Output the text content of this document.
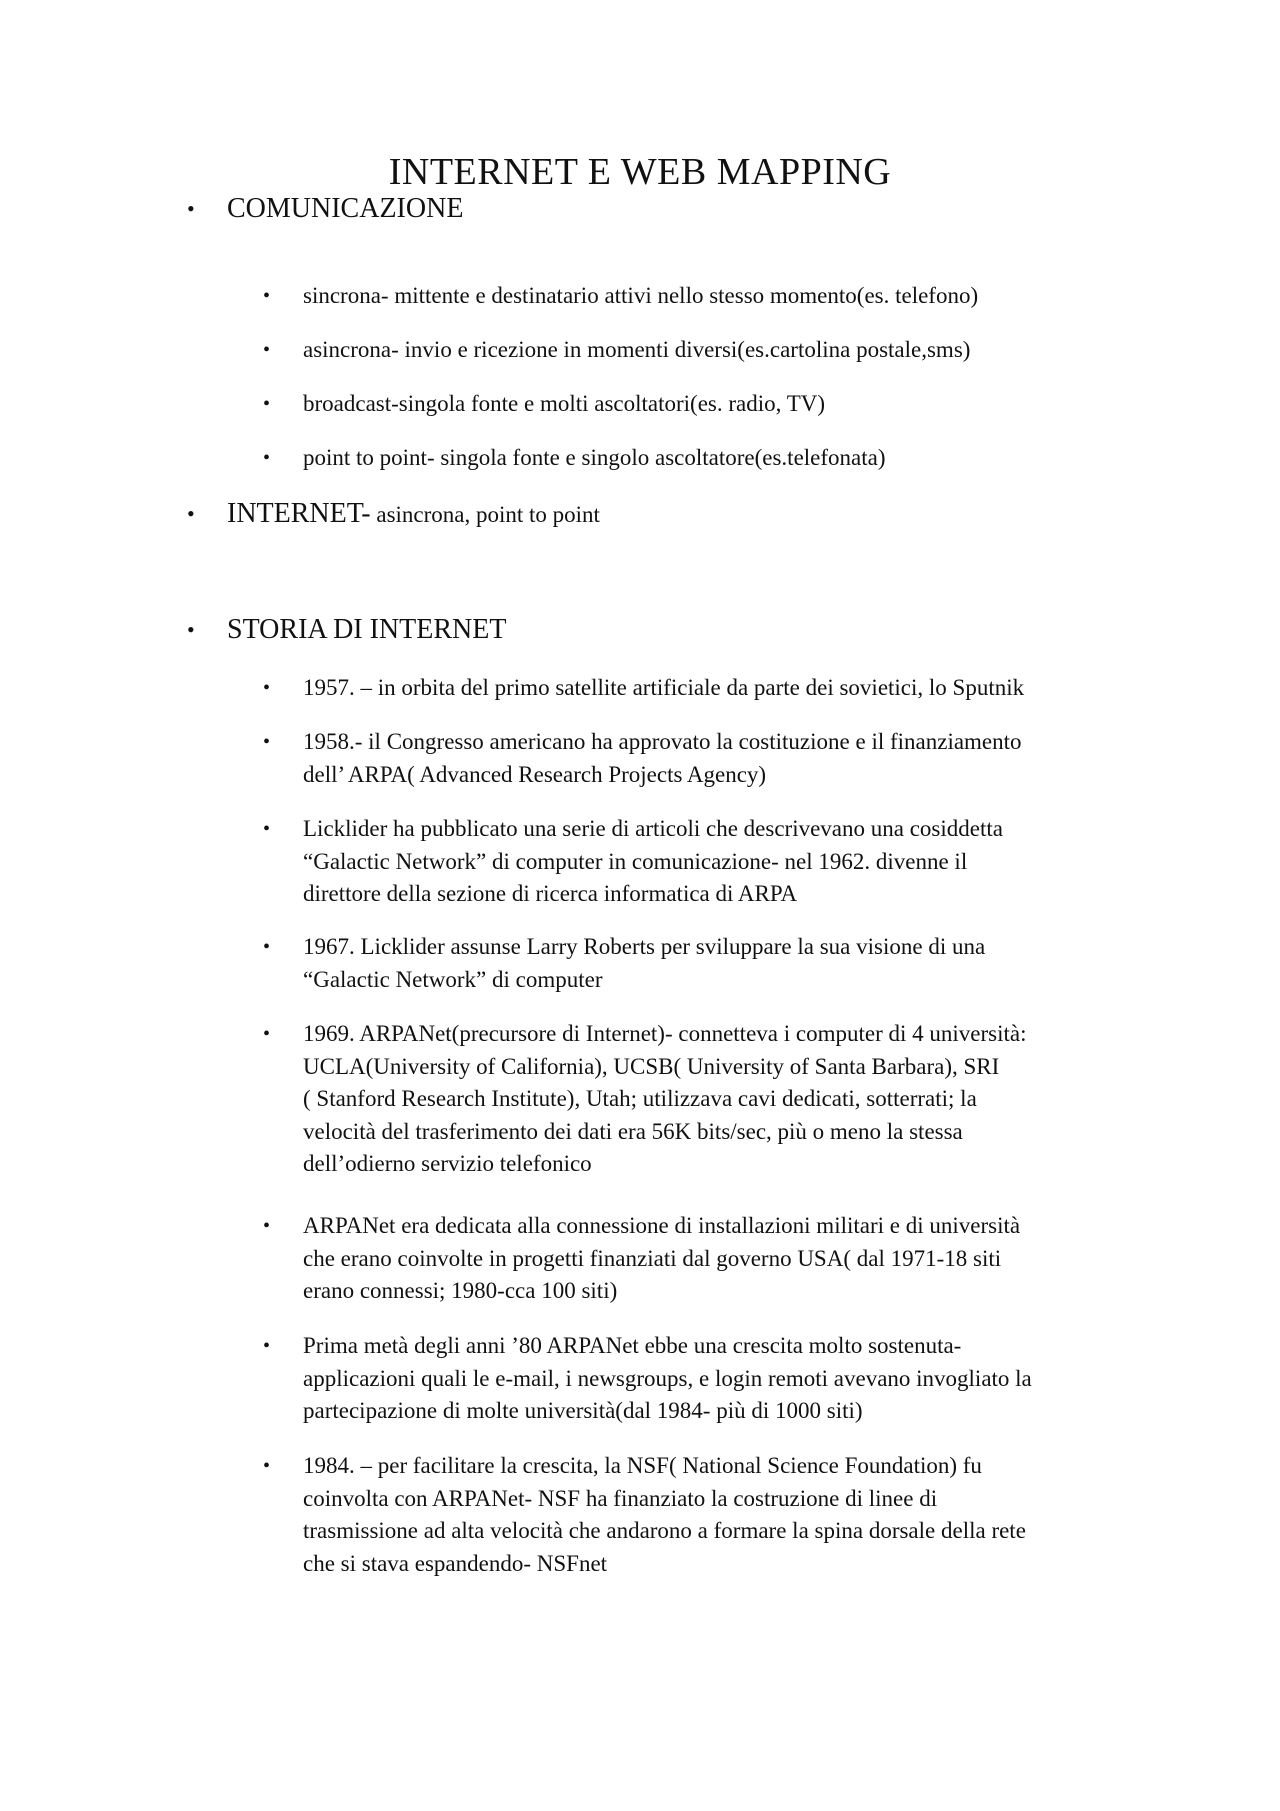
INTERNET E WEB MAPPING
• COMUNICAZIONE
• sincrona- mittente e destinatario attivi nello stesso momento(es. telefono)
• asincrona- invio e ricezione in momenti diversi(es.cartolina postale,sms)
• broadcast-singola fonte e molti ascoltatori(es. radio, TV)
• point to point- singola fonte e singolo ascoltatore(es.telefonata)
• INTERNET- asincrona, point to point
• STORIA DI INTERNET
• 1957. – in orbita del primo satellite artificiale da parte dei sovietici, lo Sputnik
• 1958.- il Congresso americano ha approvato la costituzione e il finanziamento
dell’ ARPA( Advanced Research Projects Agency)
• Licklider ha pubblicato una serie di articoli che descrivevano una cosiddetta
“Galactic Network” di computer in comunicazione- nel 1962. divenne il
direttore della sezione di ricerca informatica di ARPA
• 1967. Licklider assunse Larry Roberts per sviluppare la sua visione di una
“Galactic Network” di computer
• 1969. ARPANet(precursore di Internet)- connetteva i computer di 4 università:
UCLA(University of California), UCSB( University of Santa Barbara), SRI
( Stanford Research Institute), Utah; utilizzava cavi dedicati, sotterrati; la
velocità del trasferimento dei dati era 56K bits/sec, più o meno la stessa
dell’odierno servizio telefonico
• ARPANet era dedicata alla connessione di installazioni militari e di università
che erano coinvolte in progetti finanziati dal governo USA( dal 1971-18 siti
erano connessi; 1980-cca 100 siti)
• Prima metà degli anni ’80 ARPANet ebbe una crescita molto sostenuta-
applicazioni quali le e-mail, i newsgroups, e login remoti avevano invogliato la
partecipazione di molte università(dal 1984- più di 1000 siti)
• 1984. – per facilitare la crescita, la NSF( National Science Foundation) fu
coinvolta con ARPANet- NSF ha finanziato la costruzione di linee di
trasmissione ad alta velocità che andarono a formare la spina dorsale della rete
che si stava espandendo- NSFnet
